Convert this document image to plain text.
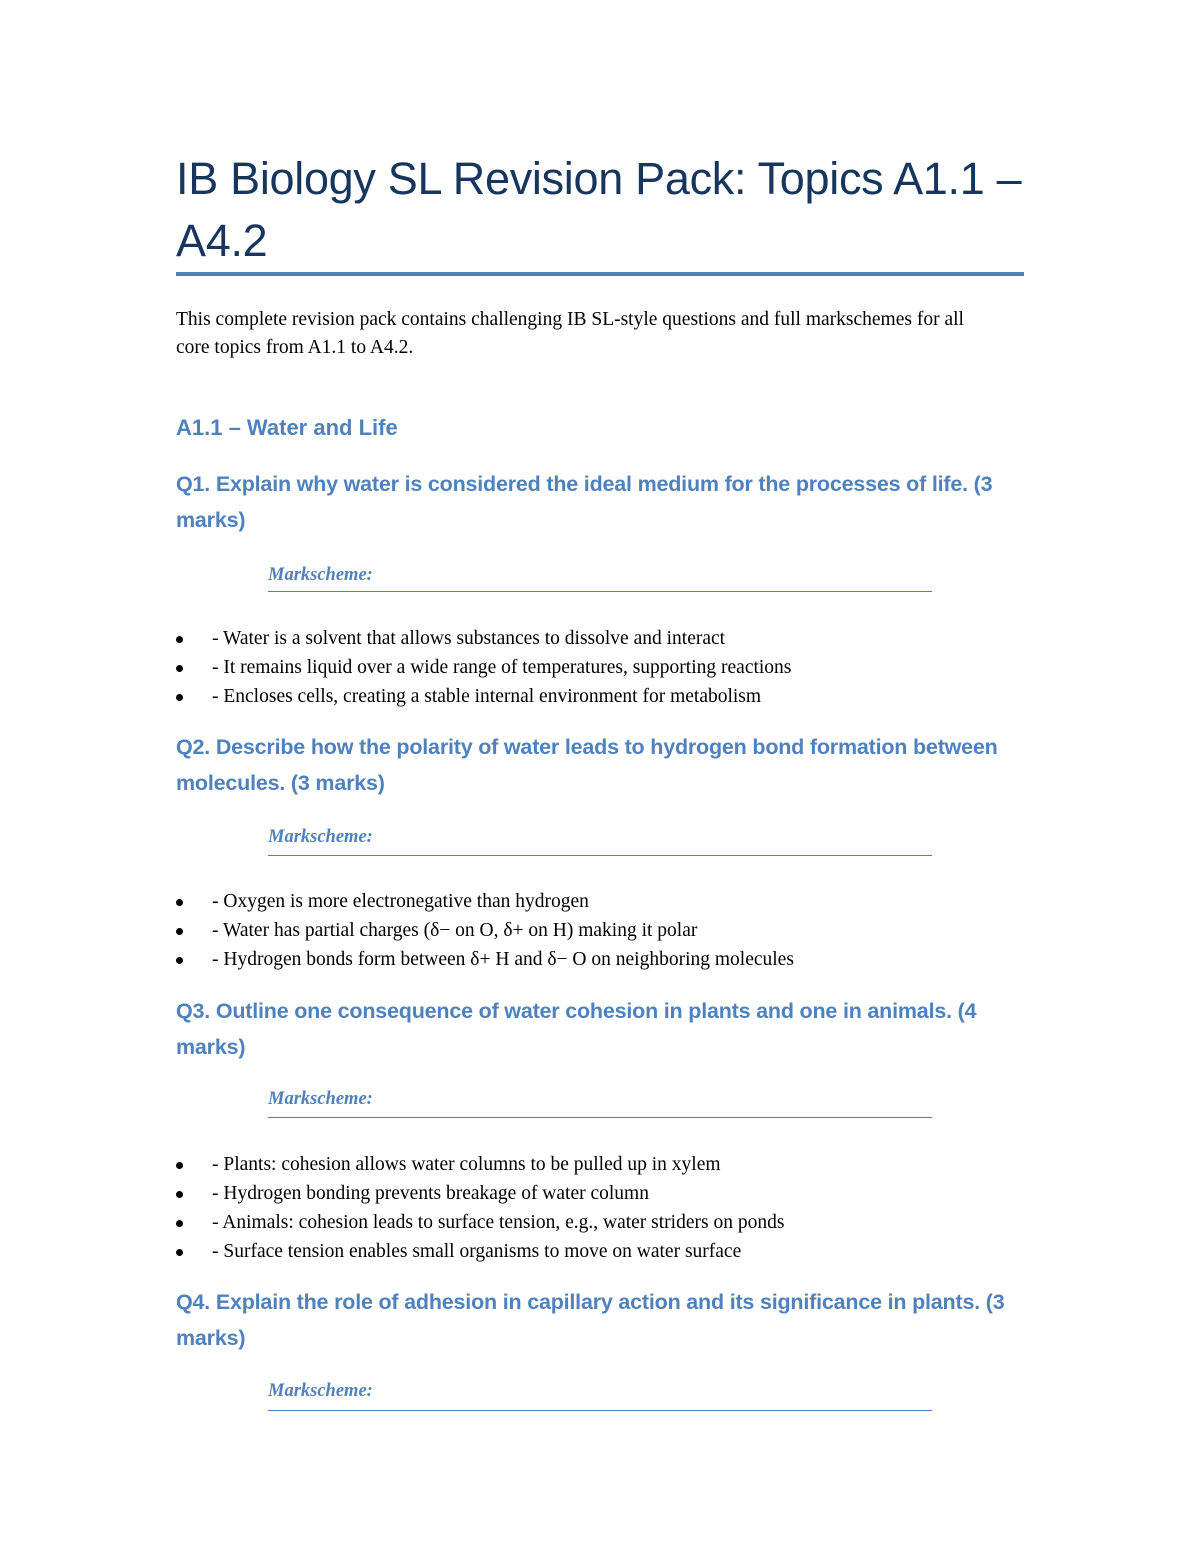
IB Biology SL Revision Pack: Topics A1.1 – A4.2

This complete revision pack contains challenging IB SL-style questions and full markschemes for all core topics from A1.1 to A4.2.

A1.1 – Water and Life
Q1. Explain why water is considered the ideal medium for the processes of life. (3 marks)

Markscheme:

- Water is a solvent that allows substances to dissolve and interact
- It remains liquid over a wide range of temperatures, supporting reactions
- Encloses cells, creating a stable internal environment for metabolism
Q2. Describe how the polarity of water leads to hydrogen bond formation between molecules. (3 marks)

Markscheme:

- Oxygen is more electronegative than hydrogen
- Water has partial charges (δ− on O, δ+ on H) making it polar
- Hydrogen bonds form between δ+ H and δ− O on neighboring molecules
Q3. Outline one consequence of water cohesion in plants and one in animals. (4 marks)

Markscheme:

- Plants: cohesion allows water columns to be pulled up in xylem
- Hydrogen bonding prevents breakage of water column
- Animals: cohesion leads to surface tension, e.g., water striders on ponds
- Surface tension enables small organisms to move on water surface
Q4. Explain the role of adhesion in capillary action and its significance in plants. (3 marks)

Markscheme:
